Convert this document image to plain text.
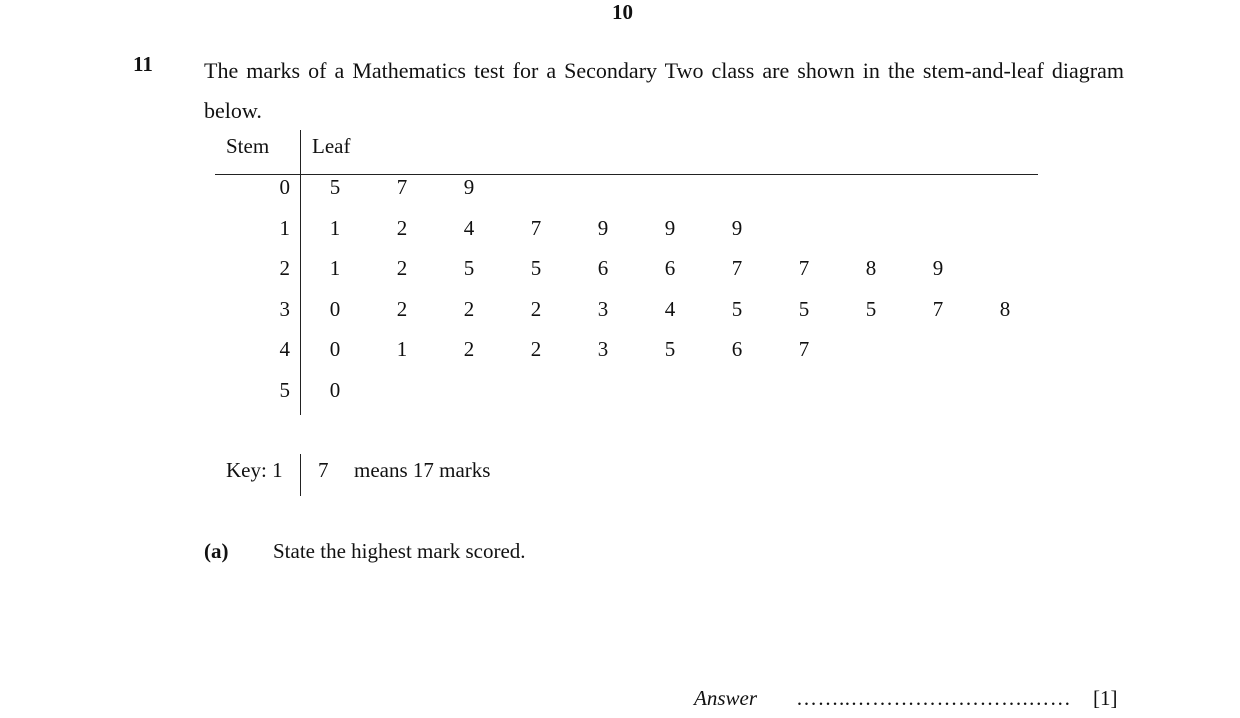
10
11 The marks of a Mathematics test for a Secondary Two class are shown in the stem-and-leaf diagram below.
Stem Leaf
0	5	7	9
1	1	2	4	7	9	9	9
2	1	2	5	5	6	6	7	7	8	9
3	0	2	2	2	3	4	5	5	5	7	8
4	0	1	2	2	3	5	6	7
5	0
Key: 1 7 means 17 marks
(a) State the highest mark scored.
Answer ……..…………………….…… [1]
